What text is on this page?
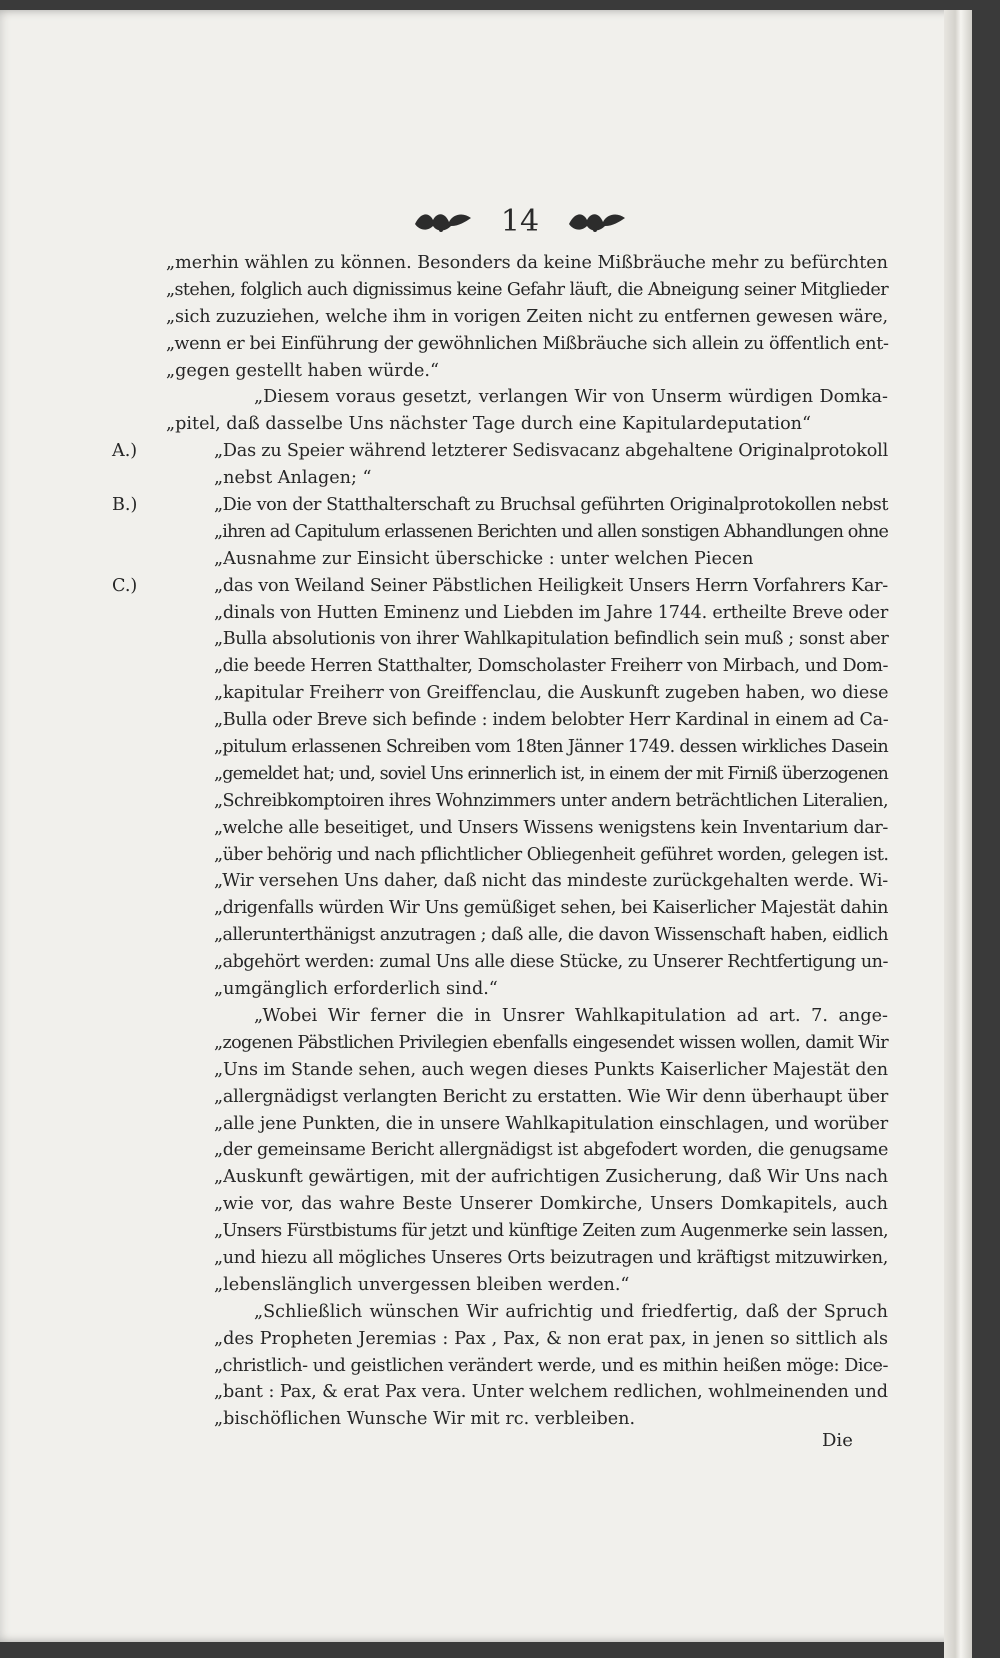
14
„merhin wählen zu können. Besonders da keine Mißbräuche mehr zu befürchten
„stehen, folglich auch dignissimus keine Gefahr läuft, die Abneigung seiner Mitglieder
„sich zuzuziehen, welche ihm in vorigen Zeiten nicht zu entfernen gewesen wäre,
„wenn er bei Einführung der gewöhnlichen Mißbräuche sich allein zu öffentlich ent-
„gegen gestellt haben würde.“
„Diesem voraus gesetzt, verlangen Wir von Unserm würdigen Domka-
„pitel, daß dasselbe Uns nächster Tage durch eine Kapitulardeputation“
A.)	„Das zu Speier während letzterer Sedisvacanz abgehaltene Originalprotokoll
„nebst Anlagen; “
B.)	„Die von der Statthalterschaft zu Bruchsal geführten Originalprotokollen nebst
„ihren ad Capitulum erlassenen Berichten und allen sonstigen Abhandlungen ohne
„Ausnahme zur Einsicht überschicke : unter welchen Piecen
C.)	„das von Weiland Seiner Päbstlichen Heiligkeit Unsers Herrn Vorfahrers Kar-
„dinals von Hutten Eminenz und Liebden im Jahre 1744. ertheilte Breve oder
„Bulla absolutionis von ihrer Wahlkapitulation befindlich sein muß ; sonst aber
„die beede Herren Statthalter, Domscholaster Freiherr von Mirbach, und Dom-
„kapitular Freiherr von Greiffenclau, die Auskunft zugeben haben, wo diese
„Bulla oder Breve sich befinde : indem belobter Herr Kardinal in einem ad Ca-
„pitulum erlassenen Schreiben vom 18ten Jänner 1749. dessen wirkliches Dasein
„gemeldet hat; und, soviel Uns erinnerlich ist, in einem der mit Firniß überzogenen
„Schreibkomptoiren ihres Wohnzimmers unter andern beträchtlichen Literalien,
„welche alle beseitiget, und Unsers Wissens wenigstens kein Inventarium dar-
„über behörig und nach pflichtlicher Obliegenheit geführet worden, gelegen ist.
„Wir versehen Uns daher, daß nicht das mindeste zurückgehalten werde. Wi-
„drigenfalls würden Wir Uns gemüßiget sehen, bei Kaiserlicher Majestät dahin
„allerunterthänigst anzutragen ; daß alle, die davon Wissenschaft haben, eidlich
„abgehört werden: zumal Uns alle diese Stücke, zu Unserer Rechtfertigung un-
„umgänglich erforderlich sind.“
„Wobei Wir ferner die in Unsrer Wahlkapitulation ad art. 7. ange-
„zogenen Päbstlichen Privilegien ebenfalls eingesendet wissen wollen, damit Wir
„Uns im Stande sehen, auch wegen dieses Punkts Kaiserlicher Majestät den
„allergnädigst verlangten Bericht zu erstatten. Wie Wir denn überhaupt über
„alle jene Punkten, die in unsere Wahlkapitulation einschlagen, und worüber
„der gemeinsame Bericht allergnädigst ist abgefodert worden, die genugsame
„Auskunft gewärtigen, mit der aufrichtigen Zusicherung, daß Wir Uns nach
„wie vor, das wahre Beste Unserer Domkirche, Unsers Domkapitels, auch
„Unsers Fürstbistums für jetzt und künftige Zeiten zum Augenmerke sein lassen,
„und hiezu all mögliches Unseres Orts beizutragen und kräftigst mitzuwirken,
„lebenslänglich unvergessen bleiben werden.“
„Schließlich wünschen Wir aufrichtig und friedfertig, daß der Spruch
„des Propheten Jeremias : Pax , Pax, & non erat pax, in jenen so sittlich als
„christlich- und geistlichen verändert werde, und es mithin heißen möge: Dice-
„bant : Pax, & erat Pax vera. Unter welchem redlichen, wohlmeinenden und
„bischöflichen Wunsche Wir mit rc. verbleiben.
Die
